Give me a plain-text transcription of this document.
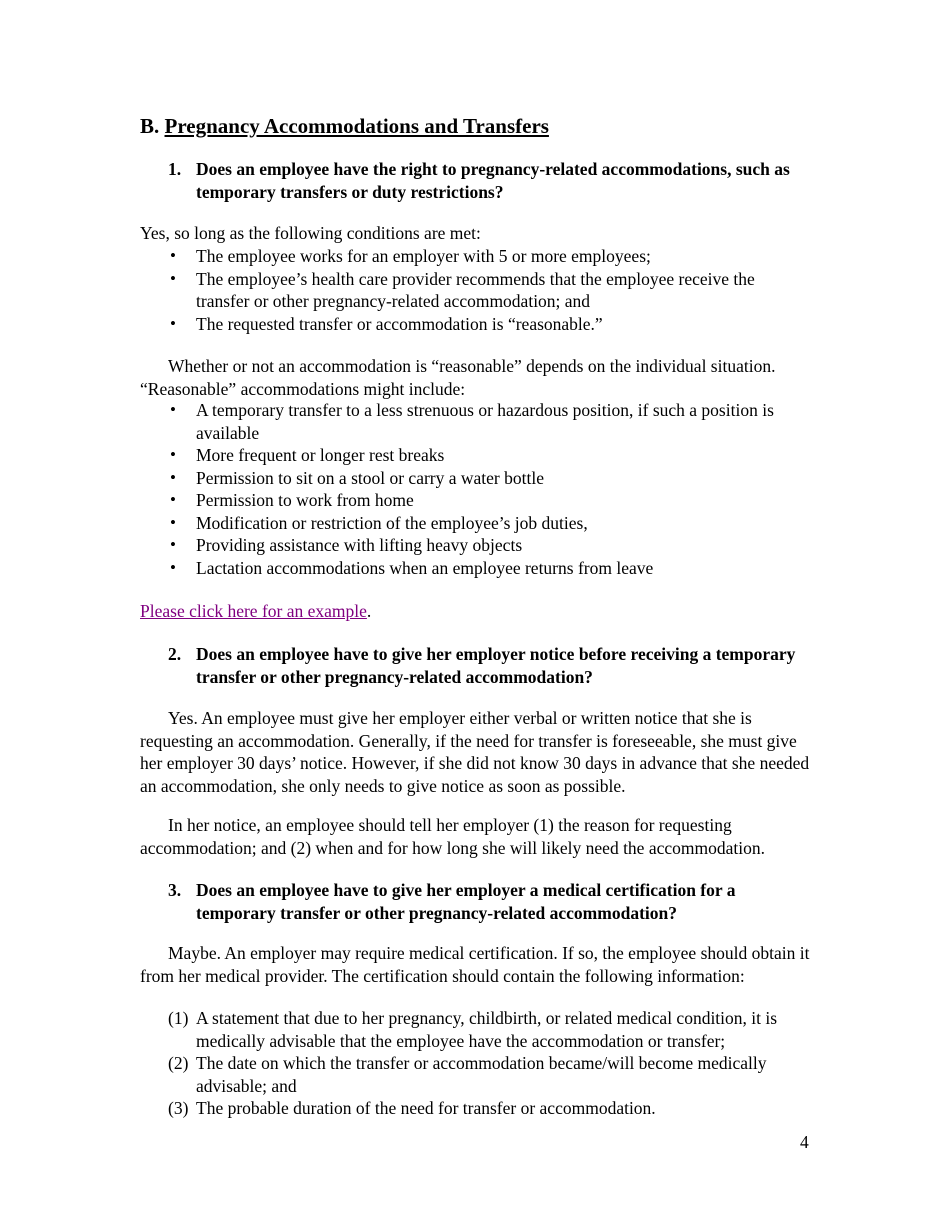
B. Pregnancy Accommodations and Transfers
1. Does an employee have the right to pregnancy-related accommodations, such as temporary transfers or duty restrictions?
Yes, so long as the following conditions are met:
• The employee works for an employer with 5 or more employees;
• The employee’s health care provider recommends that the employee receive the transfer or other pregnancy-related accommodation; and
• The requested transfer or accommodation is “reasonable.”
Whether or not an accommodation is “reasonable” depends on the individual situation. “Reasonable” accommodations might include:
• A temporary transfer to a less strenuous or hazardous position, if such a position is available
• More frequent or longer rest breaks
• Permission to sit on a stool or carry a water bottle
• Permission to work from home
• Modification or restriction of the employee’s job duties,
• Providing assistance with lifting heavy objects
• Lactation accommodations when an employee returns from leave
Please click here for an example.
2. Does an employee have to give her employer notice before receiving a temporary transfer or other pregnancy-related accommodation?
Yes. An employee must give her employer either verbal or written notice that she is requesting an accommodation. Generally, if the need for transfer is foreseeable, she must give her employer 30 days’ notice. However, if she did not know 30 days in advance that she needed an accommodation, she only needs to give notice as soon as possible.
In her notice, an employee should tell her employer (1) the reason for requesting accommodation; and (2) when and for how long she will likely need the accommodation.
3. Does an employee have to give her employer a medical certification for a temporary transfer or other pregnancy-related accommodation?
Maybe. An employer may require medical certification. If so, the employee should obtain it from her medical provider. The certification should contain the following information:
(1) A statement that due to her pregnancy, childbirth, or related medical condition, it is medically advisable that the employee have the accommodation or transfer;
(2) The date on which the transfer or accommodation became/will become medically advisable; and
(3) The probable duration of the need for transfer or accommodation.
4
